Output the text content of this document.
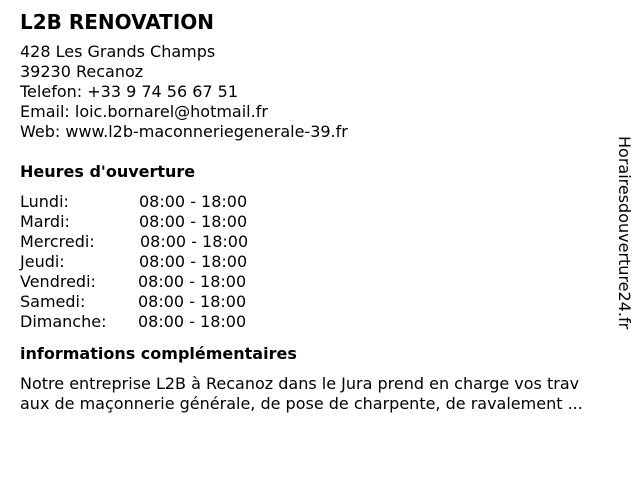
L2B RENOVATION
428 Les Grands Champs
39230 Recanoz
Telefon: +33 9 74 56 67 51
Email: loic.bornarel@hotmail.fr
Web: www.l2b-maconneriegenerale-39.fr
Heures d'ouverture
Lundi:	08:00 - 18:00
Mardi:	08:00 - 18:00
Mercredi:	08:00 - 18:00
Jeudi:	08:00 - 18:00
Vendredi:	08:00 - 18:00
Samedi:	08:00 - 18:00
Dimanche:	08:00 - 18:00
informations complémentaires
Notre entreprise L2B à Recanoz dans le Jura prend en charge vos trav
aux de maçonnerie générale, de pose de charpente, de ravalement ...
Horairesdouverture24.fr
